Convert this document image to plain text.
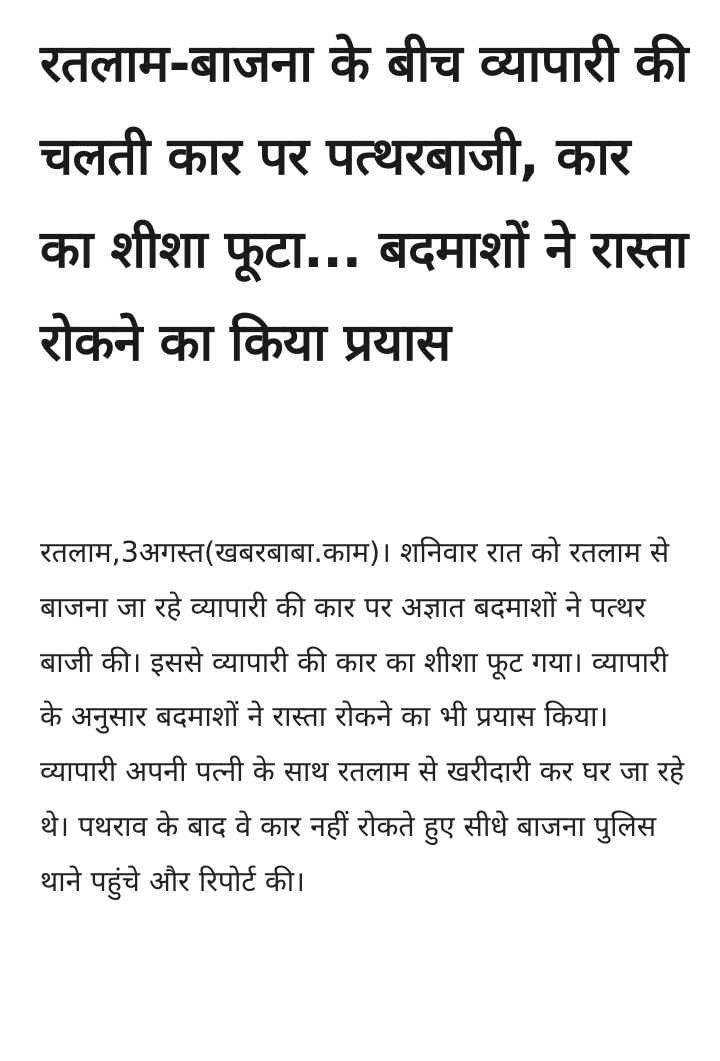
रतलाम-बाजना के बीच व्यापारी की चलती कार पर पत्थरबाजी, कार का शीशा फूटा... बदमाशों ने रास्ता रोकने का किया प्रयास

रतलाम,3अगस्त(खबरबाबा.काम)। शनिवार रात को रतलाम से बाजना जा रहे व्यापारी की कार पर अज्ञात बदमाशों ने पत्थर बाजी की। इससे व्यापारी की कार का शीशा फूट गया। व्यापारी के अनुसार बदमाशों ने रास्ता रोकने का भी प्रयास किया। व्यापारी अपनी पत्नी के साथ रतलाम से खरीदारी कर घर जा रहे थे। पथराव के बाद वे कार नहीं रोकते हुए सीधे बाजना पुलिस थाने पहुंचे और रिपोर्ट की।
